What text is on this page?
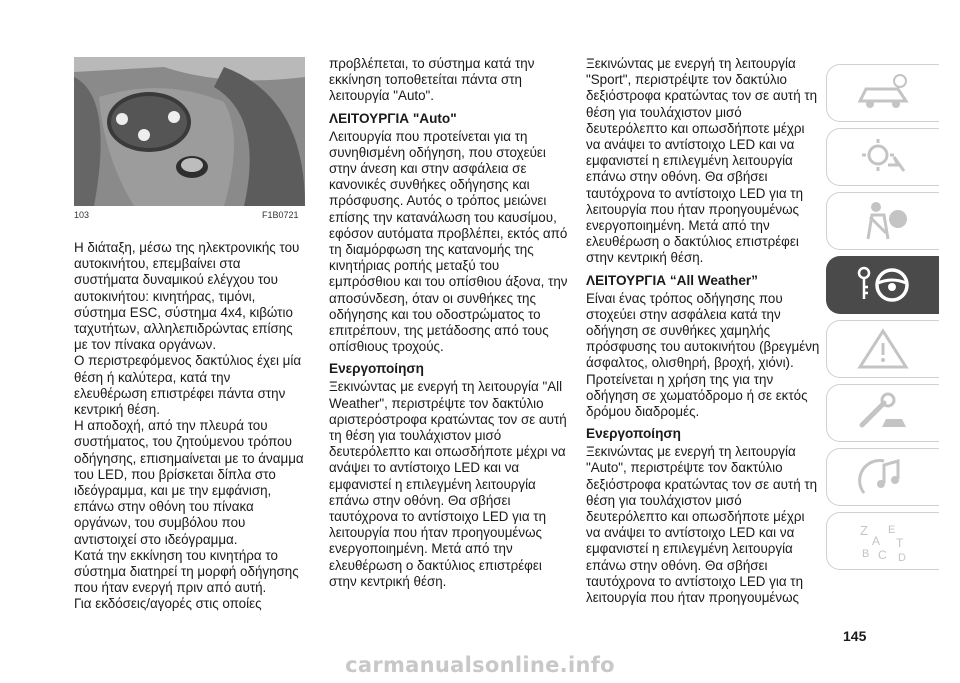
103	F1B0721

Η διάταξη, μέσω της ηλεκτρονικής του αυτοκινήτου, επεμβαίνει στα συστήματα δυναμικού ελέγχου του αυτοκινήτου: κινητήρας, τιμόνι, σύστημα ESC, σύστημα 4x4, κιβώτιο ταχυτήτων, αλληλεπιδρώντας επίσης με τον πίνακα οργάνων.

Ο περιστρεφόμενος δακτύλιος έχει μία θέση ή καλύτερα, κατά την ελευθέρωση επιστρέφει πάντα στην κεντρική θέση.

Η αποδοχή, από την πλευρά του συστήματος, του ζητούμενου τρόπου οδήγησης, επισημαίνεται με το άναμμα του LED, που βρίσκεται δίπλα στο ιδεόγραμμα, και με την εμφάνιση, επάνω στην οθόνη του πίνακα οργάνων, του συμβόλου που αντιστοιχεί στο ιδεόγραμμα.

Κατά την εκκίνηση του κινητήρα το σύστημα διατηρεί τη μορφή οδήγησης που ήταν ενεργή πριν από αυτή.

Για εκδόσεις/αγορές στις οποίες

προβλέπεται, το σύστημα κατά την εκκίνηση τοποθετείται πάντα στη λειτουργία "Auto".

ΛΕΙΤΟΥΡΓΙΑ "Auto"

Λειτουργία που προτείνεται για τη συνηθισμένη οδήγηση, που στοχεύει στην άνεση και στην ασφάλεια σε κανονικές συνθήκες οδήγησης και πρόσφυσης. Αυτός ο τρόπος μειώνει επίσης την κατανάλωση του καυσίμου, εφόσον αυτόματα προβλέπει, εκτός από τη διαμόρφωση της κατανομής της κινητήριας ροπής μεταξύ του εμπρόσθιου και του οπίσθιου άξονα, την αποσύνδεση, όταν οι συνθήκες της οδήγησης και του οδοστρώματος το επιτρέπουν, της μετάδοσης από τους οπίσθιους τροχούς.

Ενεργοποίηση

Ξεκινώντας με ενεργή τη λειτουργία "All Weather", περιστρέψτε τον δακτύλιο αριστερόστροφα κρατώντας τον σε αυτή τη θέση για τουλάχιστον μισό δευτερόλεπτο και οπωσδήποτε μέχρι να ανάψει το αντίστοιχο LED και να εμφανιστεί η επιλεγμένη λειτουργία επάνω στην οθόνη. Θα σβήσει ταυτόχρονα το αντίστοιχο LED για τη λειτουργία που ήταν προηγουμένως ενεργοποιημένη. Μετά από την ελευθέρωση ο δακτύλιος επιστρέφει στην κεντρική θέση.

Ξεκινώντας με ενεργή τη λειτουργία "Sport", περιστρέψτε τον δακτύλιο δεξιόστροφα κρατώντας τον σε αυτή τη θέση για τουλάχιστον μισό δευτερόλεπτο και οπωσδήποτε μέχρι να ανάψει το αντίστοιχο LED και να εμφανιστεί η επιλεγμένη λειτουργία επάνω στην οθόνη. Θα σβήσει ταυτόχρονα το αντίστοιχο LED για τη λειτουργία που ήταν προηγουμένως ενεργοποιημένη. Μετά από την ελευθέρωση ο δακτύλιος επιστρέφει στην κεντρική θέση.

ΛΕΙΤΟΥΡΓΙΑ “All Weather”

Είναι ένας τρόπος οδήγησης που στοχεύει στην ασφάλεια κατά την οδήγηση σε συνθήκες χαμηλής πρόσφυσης του αυτοκινήτου (βρεγμένη άσφαλτος, ολισθηρή, βροχή, χιόνι). Προτείνεται η χρήση της για την οδήγηση σε χωματόδρομο ή σε εκτός δρόμου διαδρομές.

Ενεργοποίηση

Ξεκινώντας με ενεργή τη λειτουργία "Auto", περιστρέψτε τον δακτύλιο δεξιόστροφα κρατώντας τον σε αυτή τη θέση για τουλάχιστον μισό δευτερόλεπτο και οπωσδήποτε μέχρι να ανάψει το αντίστοιχο LED και να εμφανιστεί η επιλεγμένη λειτουργία επάνω στην οθόνη. Θα σβήσει ταυτόχρονα το αντίστοιχο LED για τη λειτουργία που ήταν προηγουμένως

Z E
A
B C
T
D
145
carmanualsonline.info
